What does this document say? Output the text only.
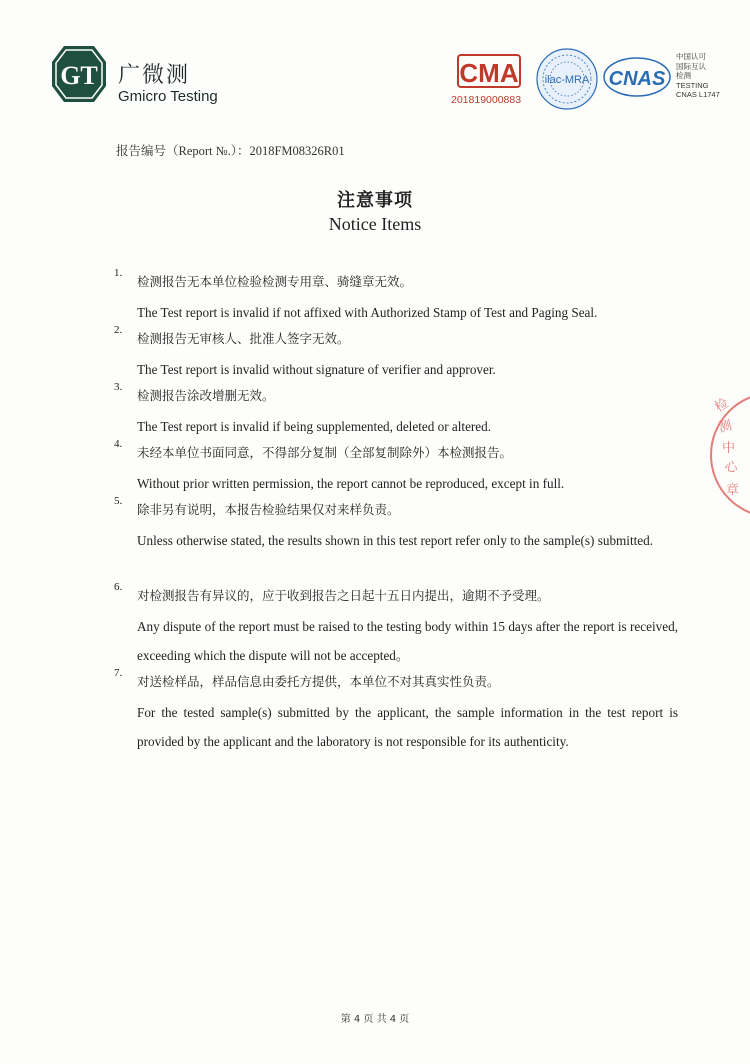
GT 广微测
Gmicro Testing
CMA
201819000883
ilac-MRA CNAS
中国认可
国际互认
检测
TESTING
CNAS L1747
报告编号（Report №.）：2018FM08326R01
注意事项
Notice Items
1.
检测报告无本单位检验检测专用章、骑缝章无效。
The Test report is invalid if not affixed with Authorized Stamp of Test and Paging Seal.
2.
检测报告无审核人、批准人签字无效。
The Test report is invalid without signature of verifier and approver.
3.
检测报告涂改增删无效。
The Test report is invalid if being supplemented, deleted or altered.
4.
未经本单位书面同意，不得部分复制（全部复制除外）本检测报告。
Without prior written permission, the report cannot be reproduced, except in full.
5.
除非另有说明，本报告检验结果仅对来样负责。
Unless otherwise stated, the results shown in this test report refer only to the sample(s) submitted.
6.
对检测报告有异议的，应于收到报告之日起十五日内提出，逾期不予受理。
Any dispute of the report must be raised to the testing body within 15 days after the report is received, exceeding which the dispute will not be accepted。
7.
对送检样品，样品信息由委托方提供，本单位不对其真实性负责。
For the tested sample(s) submitted by the applicant, the sample information in the test report is provided by the applicant and the laboratory is not responsible for its authenticity.
检
测
中
心
章
第 4 页 共 4 页
